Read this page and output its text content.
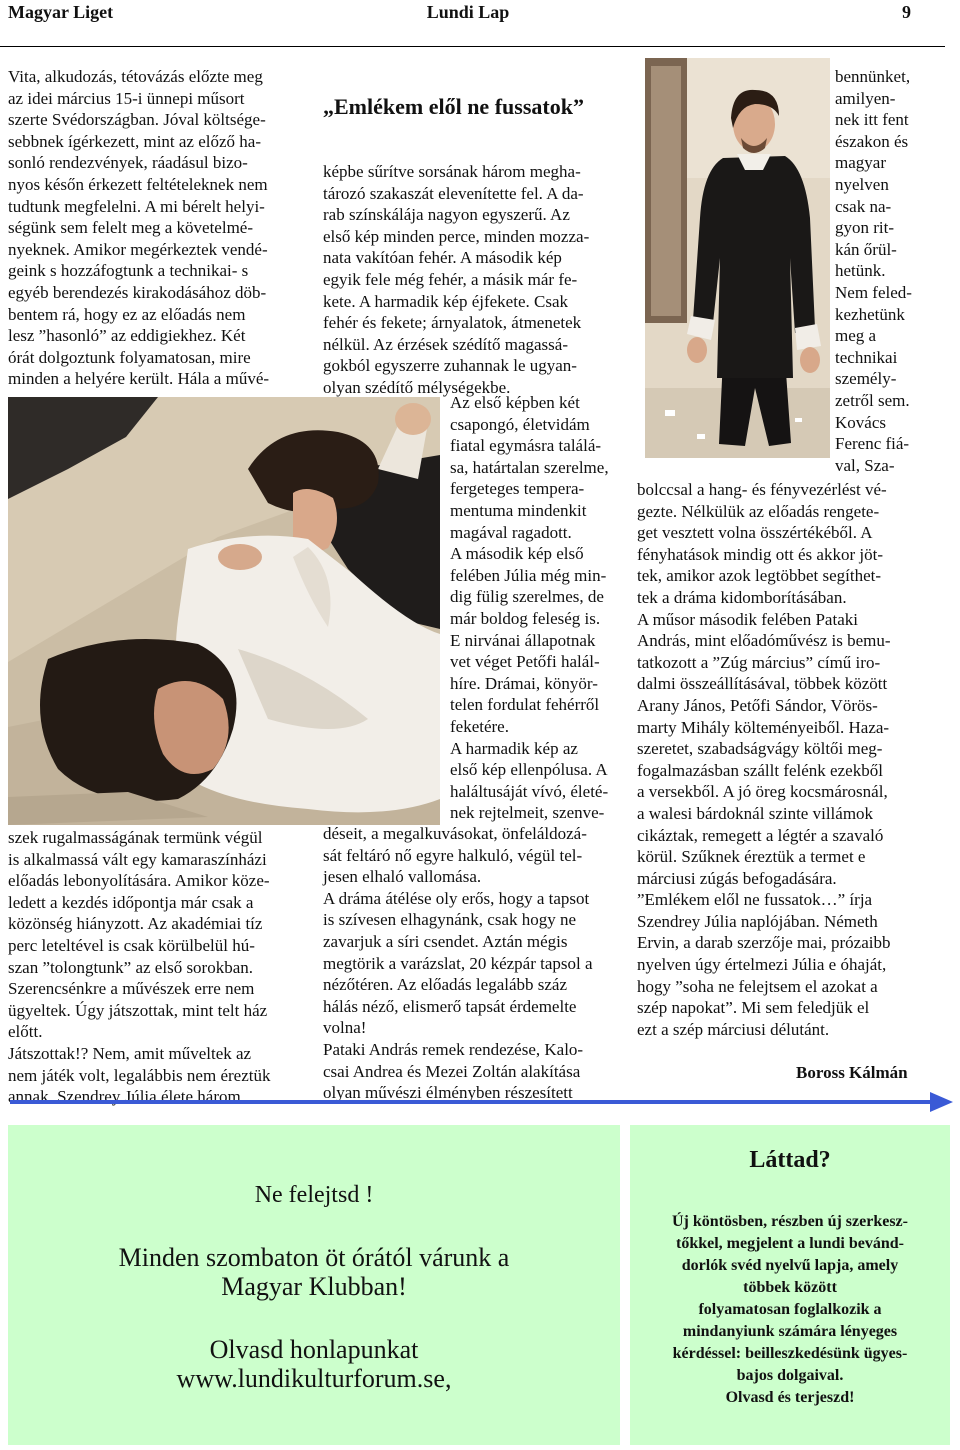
Magyar Liget	Lundi Lap	9
Vita, alkudozás, tétovázás előzte meg
az idei március 15-i ünnepi műsort
szerte Svédországban. Jóval költsége-
sebbnek ígérkezett, mint az előző ha-
sonló rendezvények, ráadásul bizo-
nyos későn érkezett feltételeknek nem
tudtunk megfelelni. A mi bérelt helyi-
ségünk sem felelt meg a követelmé-
nyeknek. Amikor megérkeztek vendé-
geink s hozzáfogtunk a technikai- s
egyéb berendezés kirakodásához döb-
bentem rá, hogy ez az előadás nem
lesz ”hasonló” az eddigiekhez. Két
órát dolgoztunk folyamatosan, mire
minden a helyére került. Hála a művé-
szek rugalmasságának termünk végül
is alkalmassá vált egy kamaraszínházi
előadás lebonyolítására. Amikor köze-
ledett a kezdés időpontja már csak a
közönség hiányzott. Az akadémiai tíz
perc leteltével is csak körülbelül hú-
szan ”tolongtunk” az első sorokban.
Szerencsénkre a művészek erre nem
ügyeltek. Úgy játszottak, mint telt ház
előtt.
Játszottak!? Nem, amit műveltek az
nem játék volt, legalábbis nem éreztük
annak. Szendrey Júlia élete három
„Emlékem elől ne fussatok”
képbe sűrítve sorsának három megha-
tározó szakaszát elevenítette fel. A da-
rab színskálája nagyon egyszerű. Az
első kép minden perce, minden mozza-
nata vakítóan fehér. A második kép
egyik fele még fehér, a másik már fe-
kete. A harmadik kép éjfekete. Csak
fehér és fekete; árnyalatok, átmenetek
nélkül. Az érzések szédítő magassá-
gokból egyszerre zuhannak le ugyan-
olyan szédítő mélységekbe.
Az első képben két
csapongó, életvidám
fiatal egymásra találá-
sa, határtalan szerelme,
fergeteges tempera-
mentuma mindenkit
magával ragadott.
A második kép első
felében Júlia még min-
dig fülig szerelmes, de
már boldog feleség is.
E nirvánai állapotnak
vet véget Petőfi halál-
híre. Drámai, könyör-
telen fordulat fehérről
feketére.
A harmadik kép az
első kép ellenpólusa. A
haláltusáját vívó, életé-
nek rejtelmeit, szenve-
déseit, a megalkuvásokat, önfeláldozá-
sát feltáró nő egyre halkuló, végül tel-
jesen elhaló vallomása.
A dráma átélése oly erős, hogy a tapsot
is szívesen elhagynánk, csak hogy ne
zavarjuk a síri csendet. Aztán mégis
megtörik a varázslat, 20 kézpár tapsol a
nézőtéren. Az előadás legalább száz
hálás néző, elismerő tapsát érdemelte
volna!
Pataki András remek rendezése, Kalo-
csai Andrea és Mezei Zoltán alakítása
olyan művészi élményben részesített
bennünket,
amilyen-
nek itt fent
északon és
magyar
nyelven
csak na-
gyon rit-
kán őrül-
hetünk.
Nem feled-
kezhetünk
meg a
technikai
személy-
zetről sem.
Kovács
Ferenc fiá-
val, Sza-
bolccsal a hang- és fényvezérlést vé-
gezte. Nélkülük az előadás rengete-
get vesztett volna összértékéből. A
fényhatások mindig ott és akkor jöt-
tek, amikor azok legtöbbet segíthet-
tek a dráma kidomborításában.
A műsor második felében Pataki
András, mint előadóművész is bemu-
tatkozott a ”Zúg március” című iro-
dalmi összeállításával, többek között
Arany János, Petőfi Sándor, Vörös-
marty Mihály költeményeiből. Haza-
szeretet, szabadságvágy költői meg-
fogalmazásban szállt felénk ezekből
a versekből. A jó öreg kocsmárosnál,
a walesi bárdoknál szinte villámok
cikáztak, remegett a légtér a szavaló
körül. Szűknek éreztük a termet e
márciusi zúgás befogadására.
”Emlékem elől ne fussatok…” írja
Szendrey Júlia naplójában. Németh
Ervin, a darab szerzője mai, prózaibb
nyelven úgy értelmezi Júlia e óhaját,
hogy ”soha ne felejtsem el azokat a
szép napokat”. Mi sem feledjük el
ezt a szép márciusi délutánt.
Boross Kálmán
Ne felejtsd !
Minden szombaton öt órától várunk a
Magyar Klubban!
Olvasd honlapunkat
www.lundikulturforum.se,
Láttad?
Új köntösben, részben új szerkesz-
tőkkel, megjelent a lundi bevánd-
dorlók svéd nyelvű lapja, amely
többek között
folyamatosan foglalkozik a
mindanyiunk számára lényeges
kérdéssel: beilleszkedésünk ügyes-
bajos dolgaival.
Olvasd és terjeszd!
